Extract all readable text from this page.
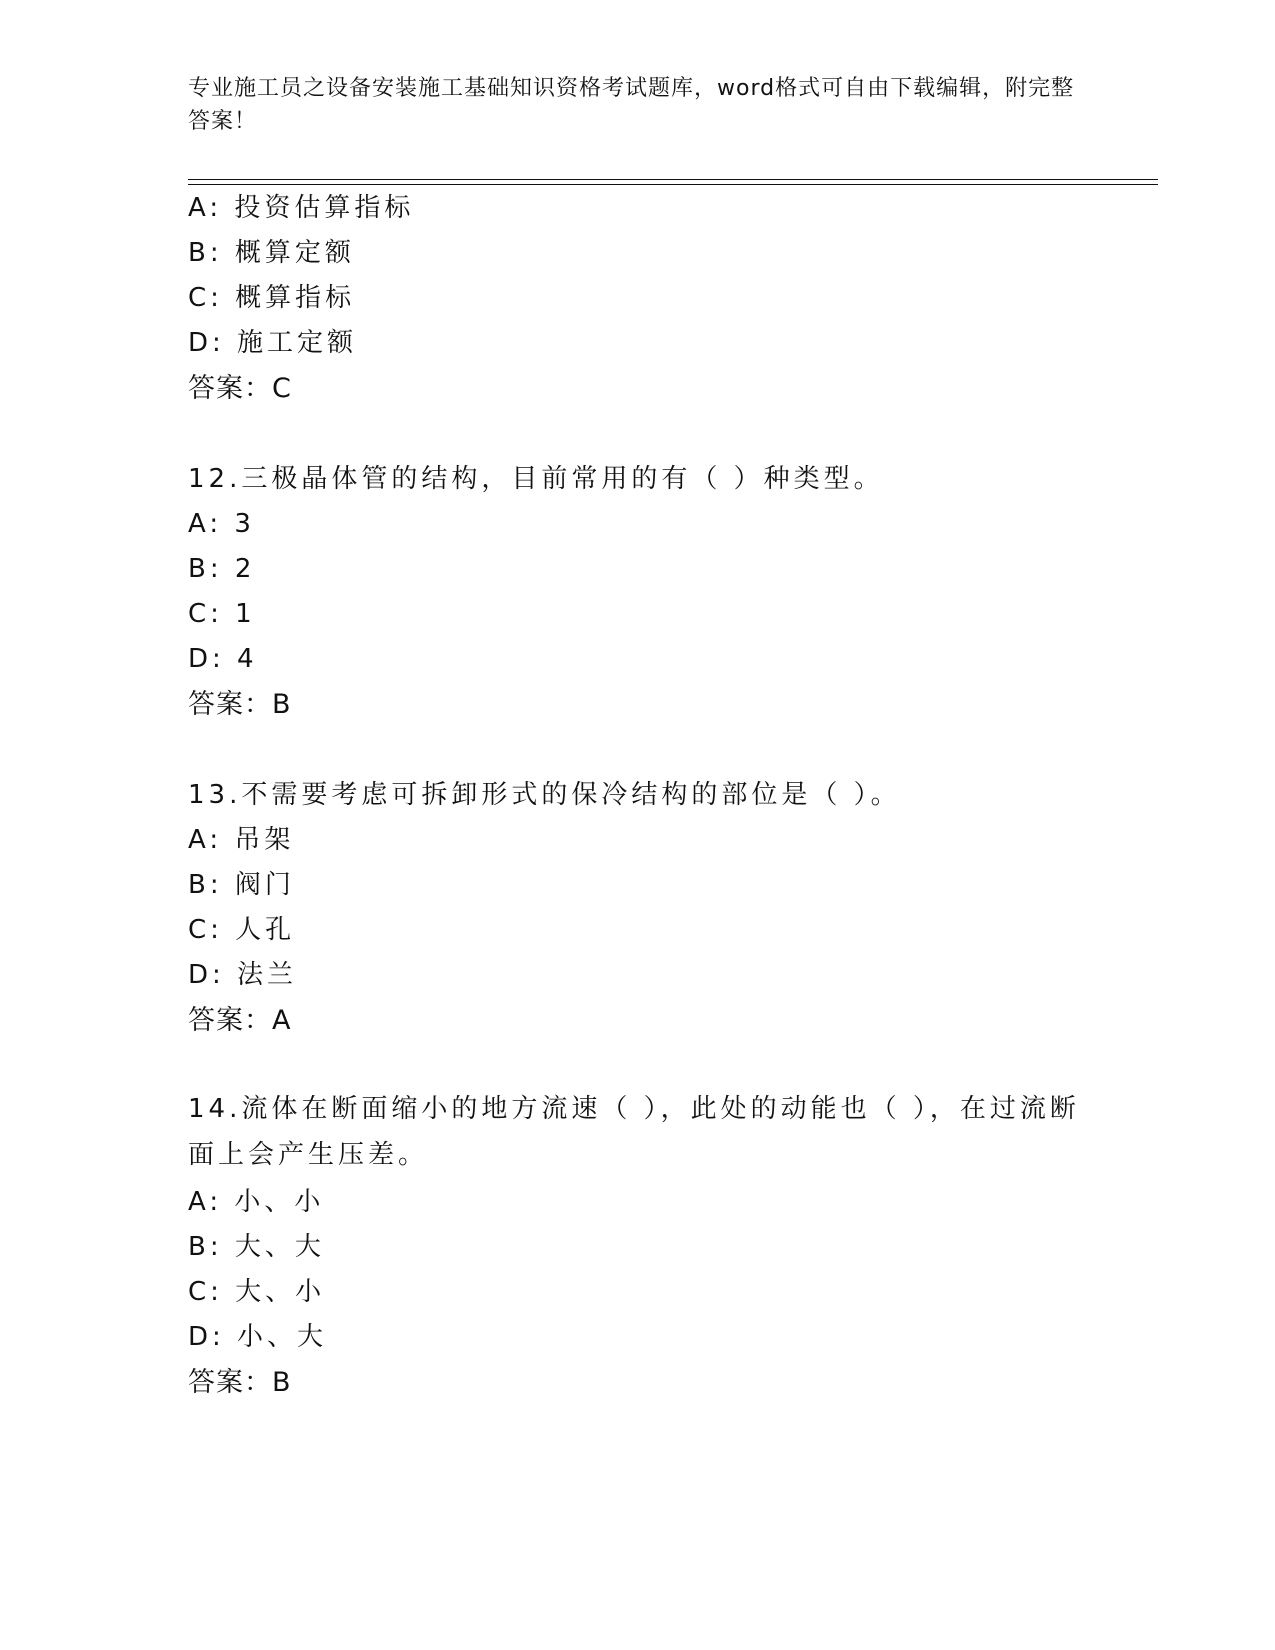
专业施工员之设备安装施工基础知识资格考试题库，word格式可自由下载编辑，附完整答案！
A: 投资估算指标
B: 概算定额
C: 概算指标
D: 施工定额
答案：C
12.三极晶体管的结构，目前常用的有（ ）种类型。
A: 3
B: 2
C: 1
D: 4
答案：B
13.不需要考虑可拆卸形式的保冷结构的部位是（ ）。
A: 吊架
B: 阀门
C: 人孔
D: 法兰
答案：A
14.流体在断面缩小的地方流速（ ），此处的动能也（ ），在过流断面上会产生压差。
A: 小、小
B: 大、大
C: 大、小
D: 小、大
答案：B
